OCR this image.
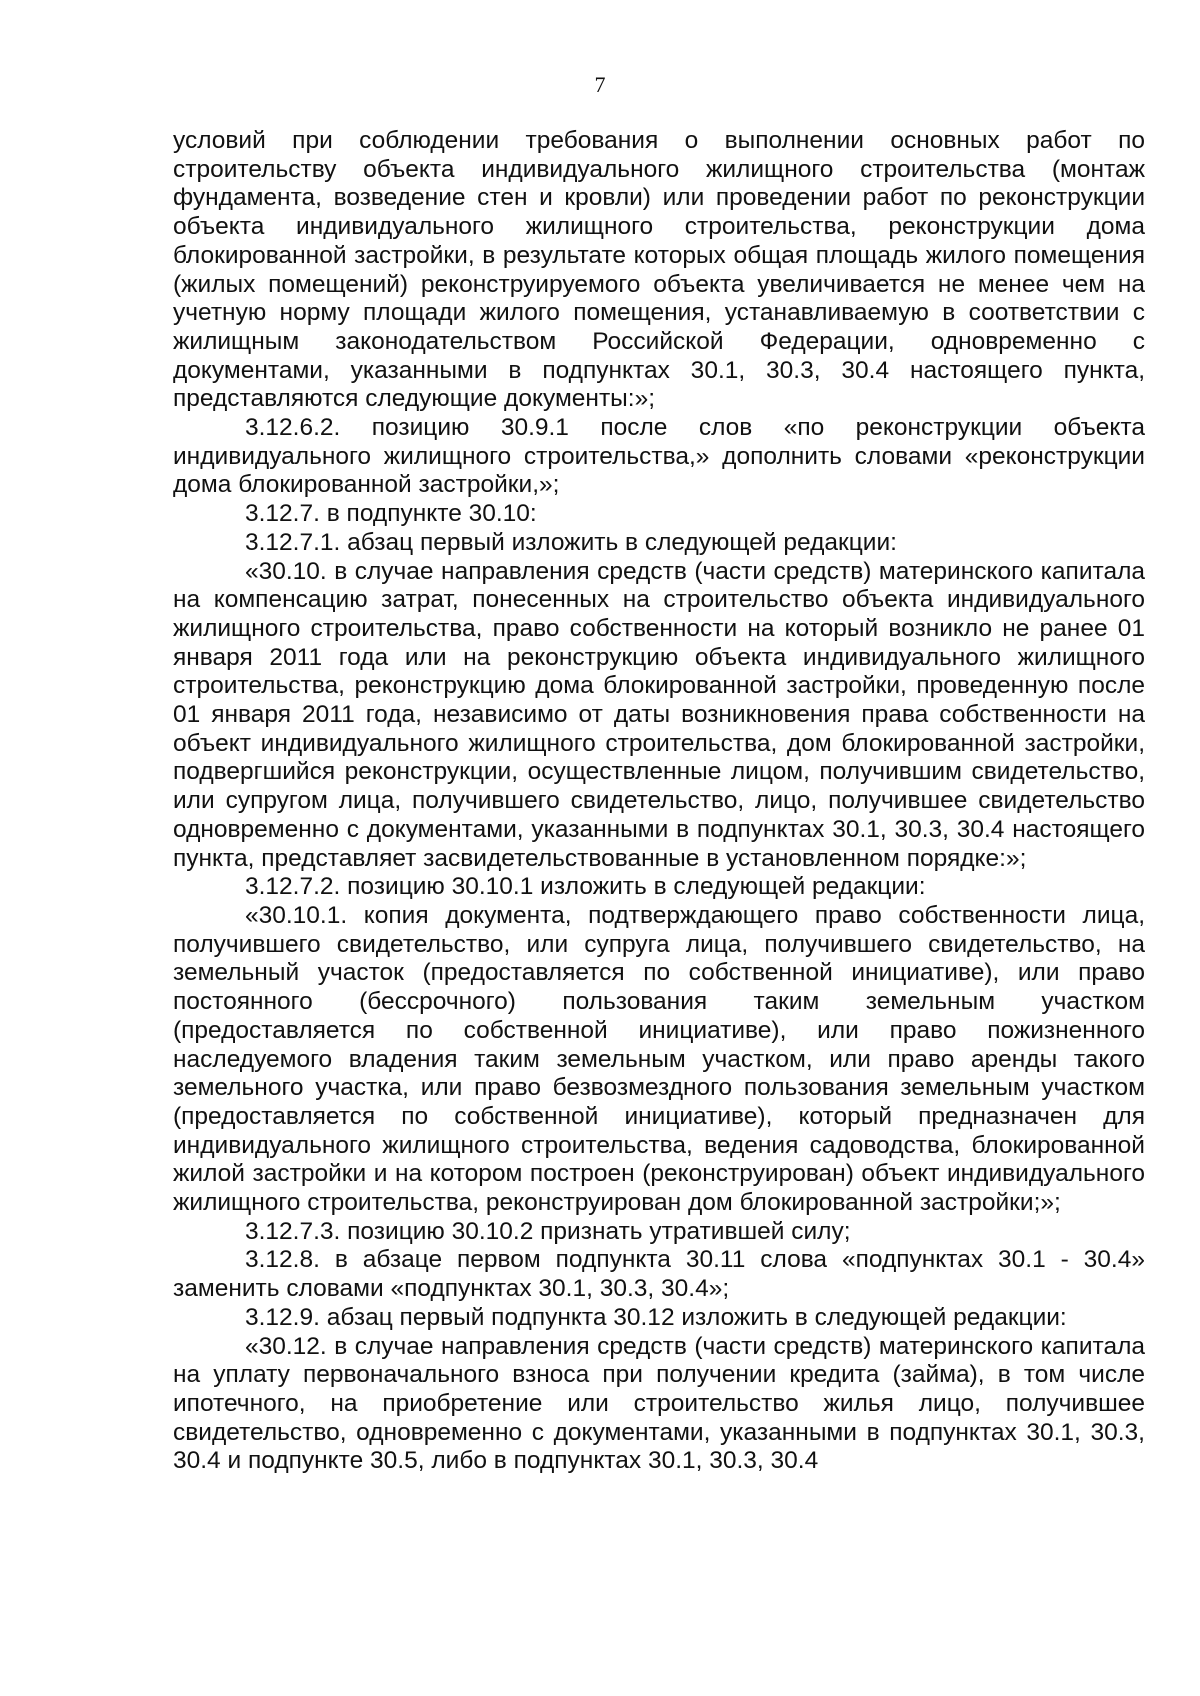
7

условий при соблюдении требования о выполнении основных работ по строительству объекта индивидуального жилищного строительства (монтаж фундамента, возведение стен и кровли) или проведении работ по реконструкции объекта индивидуального жилищного строительства, реконструкции дома блокированной застройки, в результате которых общая площадь жилого помещения (жилых помещений) реконструируемого объекта увеличивается не менее чем на учетную норму площади жилого помещения, устанавливаемую в соответствии с жилищным законодательством Российской Федерации, одновременно с документами, указанными в подпунктах 30.1, 30.3, 30.4 настоящего пункта, представляются следующие документы:»;

3.12.6.2. позицию 30.9.1 после слов «по реконструкции объекта индивидуального жилищного строительства,» дополнить словами «реконструкции дома блокированной застройки,»;

3.12.7. в подпункте 30.10:

3.12.7.1. абзац первый изложить в следующей редакции:

«30.10. в случае направления средств (части средств) материнского капитала на компенсацию затрат, понесенных на строительство объекта индивидуального жилищного строительства, право собственности на который возникло не ранее 01 января 2011 года или на реконструкцию объекта индивидуального жилищного строительства, реконструкцию дома блокированной застройки, проведенную после 01 января 2011 года, независимо от даты возникновения права собственности на объект индивидуального жилищного строительства, дом блокированной застройки, подвергшийся реконструкции, осуществленные лицом, получившим свидетельство, или супругом лица, получившего свидетельство, лицо, получившее свидетельство одновременно с документами, указанными в подпунктах 30.1, 30.3, 30.4 настоящего пункта, представляет засвидетельствованные в установленном порядке:»;

3.12.7.2. позицию 30.10.1 изложить в следующей редакции:

«30.10.1. копия документа, подтверждающего право собственности лица, получившего свидетельство, или супруга лица, получившего свидетельство, на земельный участок (предоставляется по собственной инициативе), или право постоянного (бессрочного) пользования таким земельным участком (предоставляется по собственной инициативе), или право пожизненного наследуемого владения таким земельным участком, или право аренды такого земельного участка, или право безвозмездного пользования земельным участком (предоставляется по собственной инициативе), который предназначен для индивидуального жилищного строительства, ведения садоводства, блокированной жилой застройки и на котором построен (реконструирован) объект индивидуального жилищного строительства, реконструирован дом блокированной застройки;»;

3.12.7.3. позицию 30.10.2 признать утратившей силу;

3.12.8. в абзаце первом подпункта 30.11 слова «подпунктах 30.1 - 30.4» заменить словами «подпунктах 30.1, 30.3, 30.4»;

3.12.9. абзац первый подпункта 30.12 изложить в следующей редакции:

«30.12. в случае направления средств (части средств) материнского капитала на уплату первоначального взноса при получении кредита (займа), в том числе ипотечного, на приобретение или строительство жилья лицо, получившее свидетельство, одновременно с документами, указанными в подпунктах 30.1, 30.3, 30.4 и подпункте 30.5, либо в подпунктах 30.1, 30.3, 30.4
